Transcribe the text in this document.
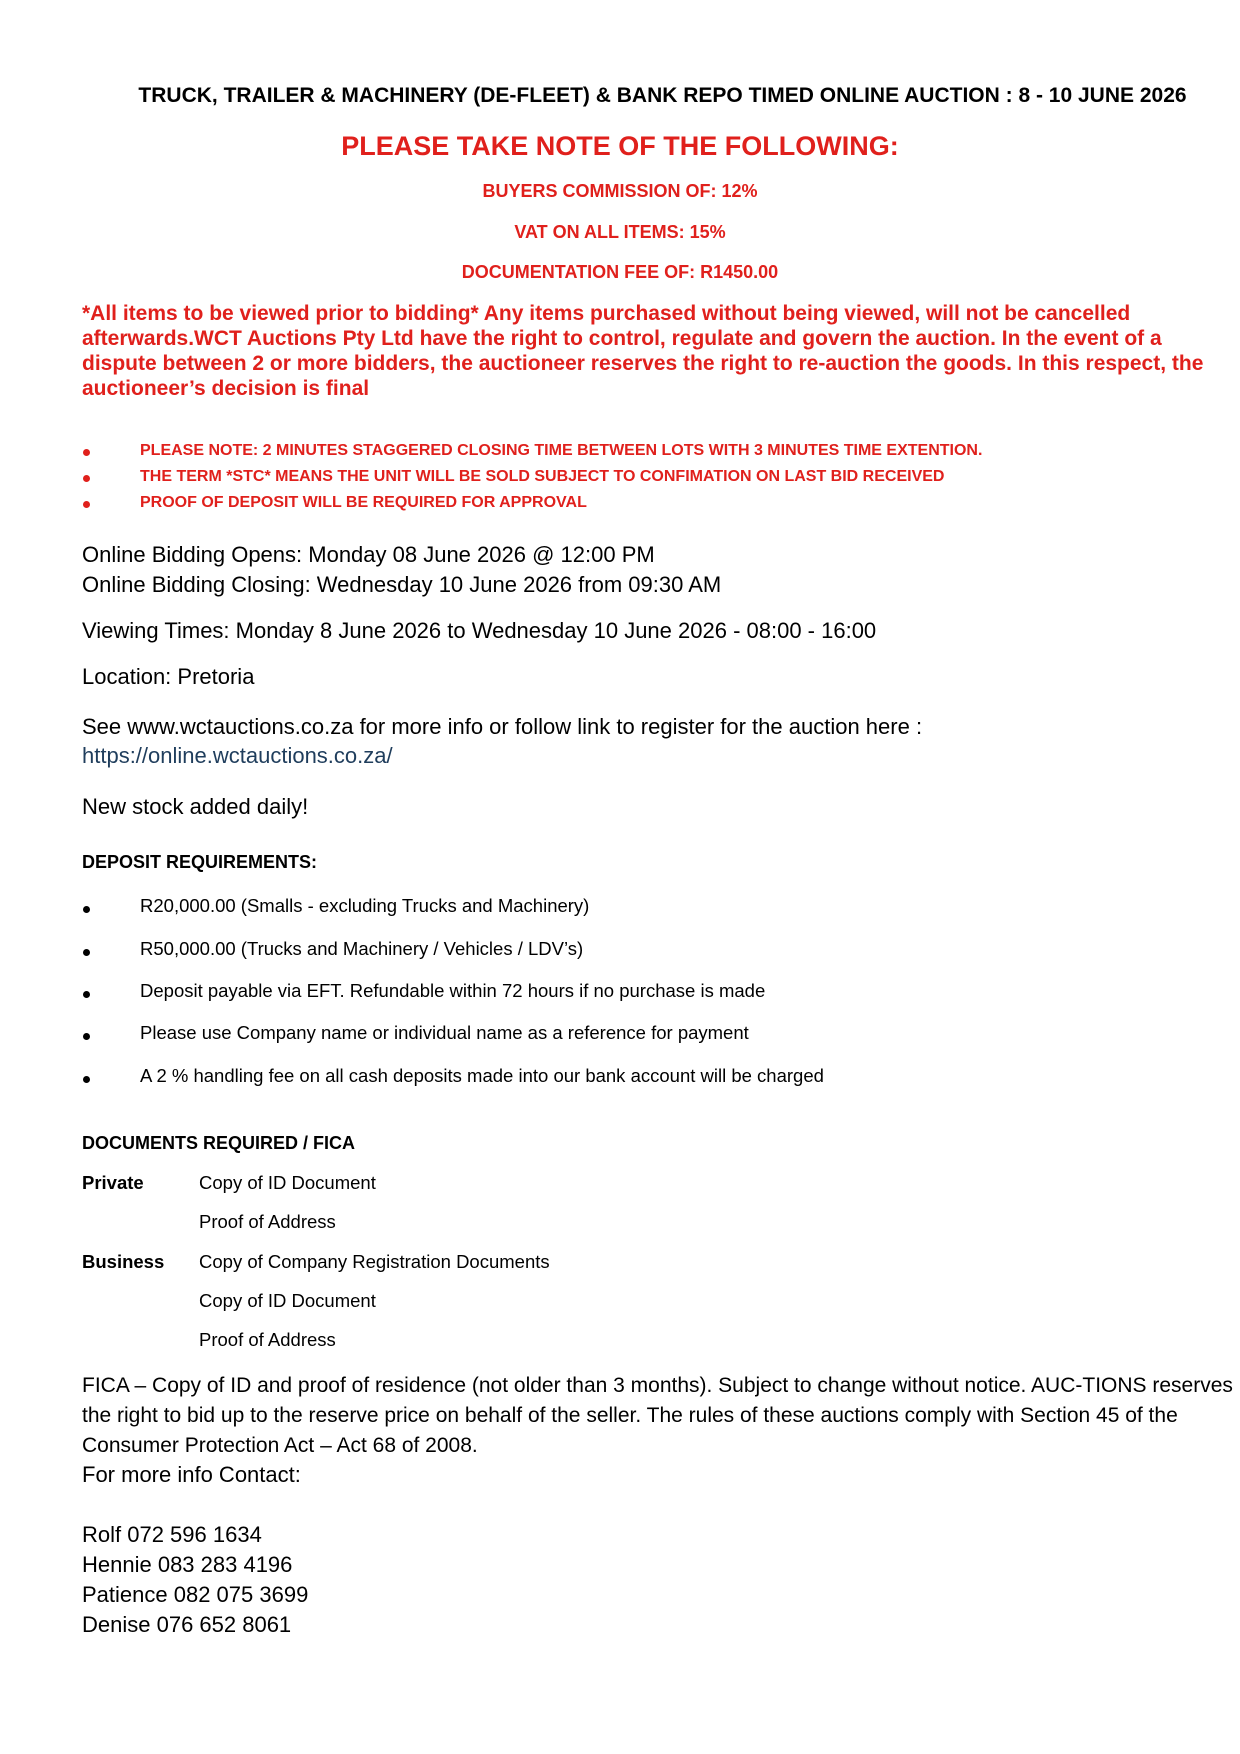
TRUCK, TRAILER & MACHINERY (DE-FLEET) & BANK REPO TIMED ONLINE AUCTION : 8 - 10 JUNE 2026
PLEASE TAKE NOTE OF THE FOLLOWING:
BUYERS COMMISSION OF: 12%
VAT ON ALL ITEMS: 15%
DOCUMENTATION FEE OF: R1450.00
*All items to be viewed prior to bidding* Any items purchased without being viewed, will not be cancelled afterwards.WCT Auctions Pty Ltd have the right to control, regulate and govern the auction. In the event of a dispute between 2 or more bidders, the auctioneer reserves the right to re-auction the goods. In this respect, the auctioneer’s decision is final
PLEASE NOTE: 2 MINUTES STAGGERED CLOSING TIME BETWEEN LOTS WITH 3 MINUTES TIME EXTENTION.
THE TERM *STC* MEANS THE UNIT WILL BE SOLD SUBJECT TO CONFIMATION ON LAST BID RECEIVED
PROOF OF DEPOSIT WILL BE REQUIRED FOR APPROVAL
Online Bidding Opens: Monday 08 June 2026 @ 12:00 PM
Online Bidding Closing: Wednesday 10 June 2026 from 09:30 AM
Viewing Times: Monday 8 June 2026 to Wednesday 10 June 2026 - 08:00 - 16:00
Location: Pretoria
See www.wctauctions.co.za for more info or follow link to register for the auction here :
https://online.wctauctions.co.za/
New stock added daily!
DEPOSIT REQUIREMENTS:
R20,000.00 (Smalls - excluding Trucks and Machinery)
R50,000.00 (Trucks and Machinery / Vehicles / LDV’s)
Deposit payable via EFT. Refundable within 72 hours if no purchase is made
Please use Company name or individual name as a reference for payment
A 2 % handling fee on all cash deposits made into our bank account will be charged
DOCUMENTS REQUIRED / FICA
Private	Copy of ID Document
Proof of Address
Business Copy of Company Registration Documents
Copy of ID Document
Proof of Address
FICA – Copy of ID and proof of residence (not older than 3 months). Subject to change without notice. AUC-TIONS reserves the right to bid up to the reserve price on behalf of the seller. The rules of these auctions comply with Section 45 of the Consumer Protection Act – Act 68 of 2008.
For more info Contact:
Rolf 072 596 1634
Hennie 083 283 4196
Patience 082 075 3699
Denise 076 652 8061
